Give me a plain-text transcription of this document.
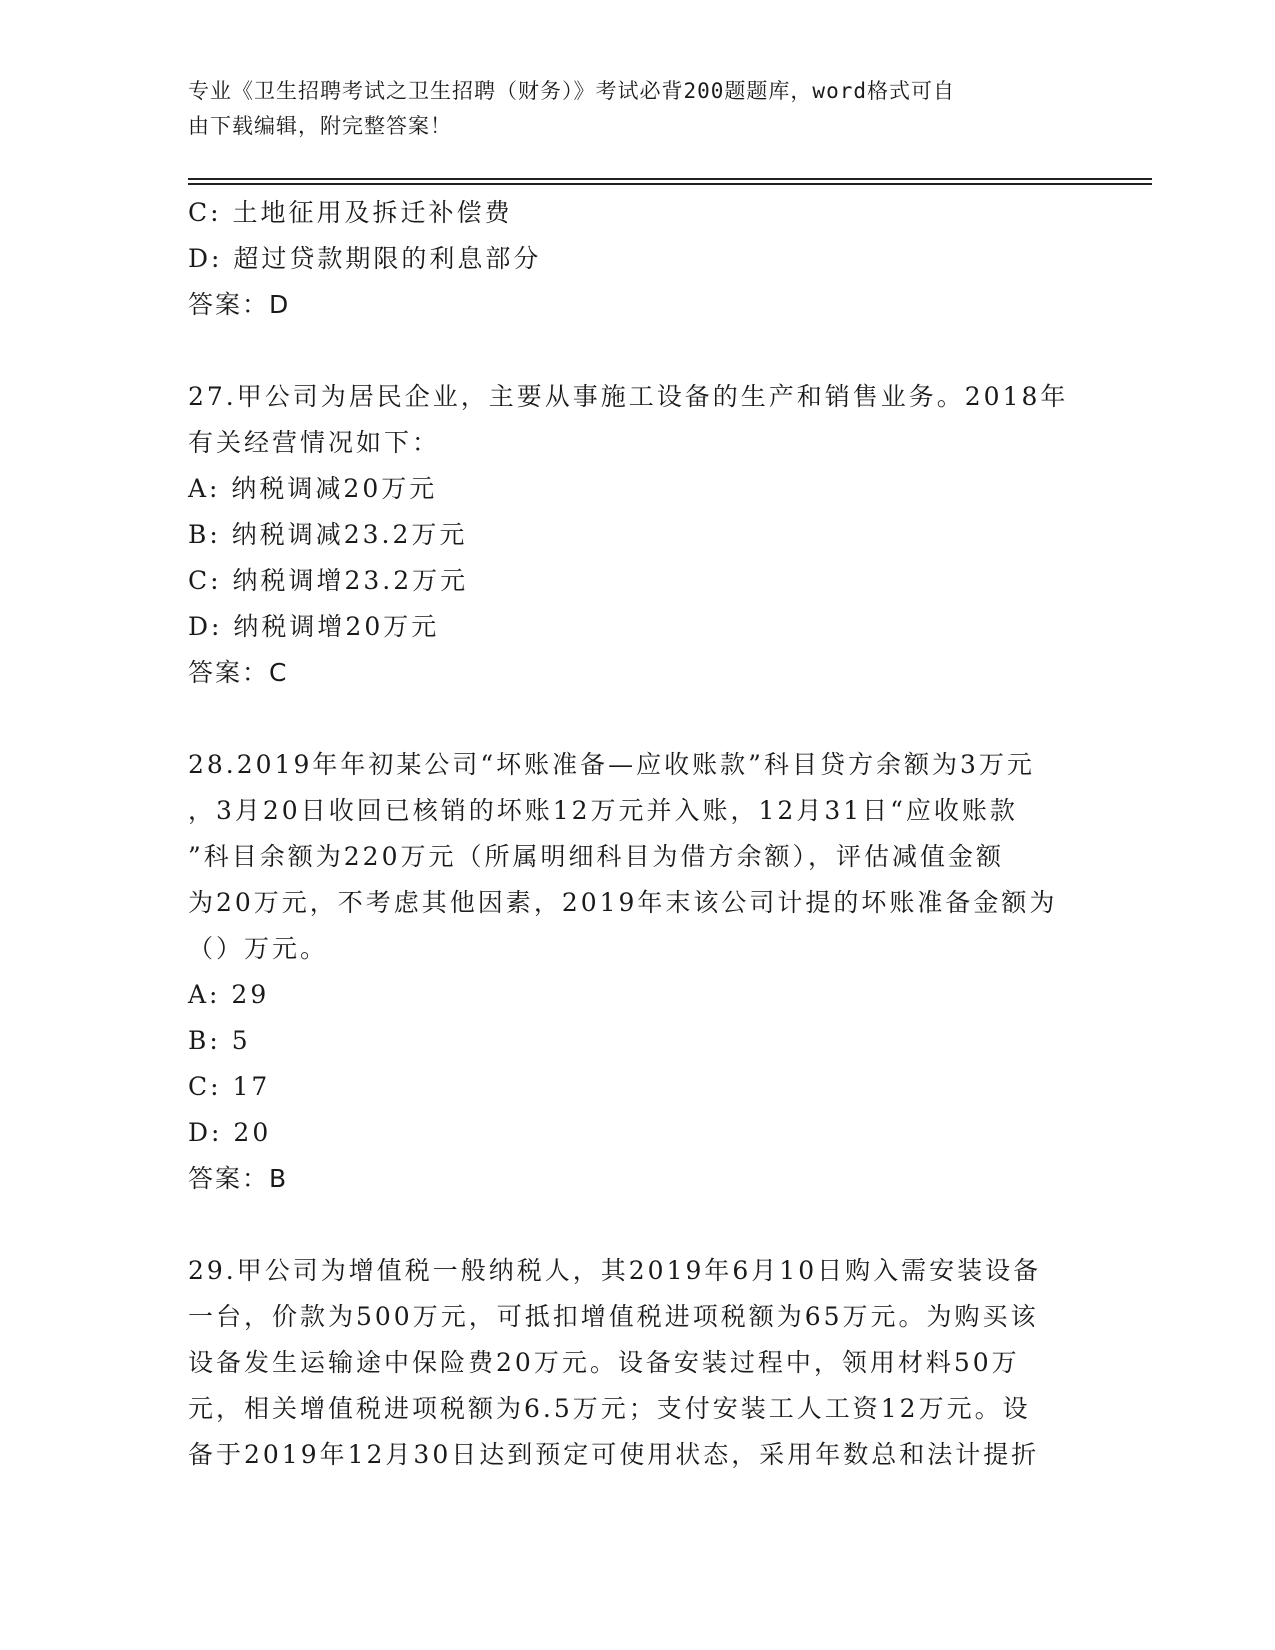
专业《卫生招聘考试之卫生招聘（财务）》考试必背200题题库，word格式可自
由下载编辑，附完整答案！
C: 土地征用及拆迁补偿费
D: 超过贷款期限的利息部分
答案：D
27.甲公司为居民企业，主要从事施工设备的生产和销售业务。2018年
有关经营情况如下：
A: 纳税调减20万元
B: 纳税调减23.2万元
C: 纳税调增23.2万元
D: 纳税调增20万元
答案：C
28.2019年年初某公司“坏账准备—应收账款”科目贷方余额为3万元
，3月20日收回已核销的坏账12万元并入账，12月31日“应收账款
”科目余额为220万元（所属明细科目为借方余额），评估减值金额
为20万元，不考虑其他因素，2019年末该公司计提的坏账准备金额为
（）万元。
A: 29
B: 5
C: 17
D: 20
答案：B
29.甲公司为增值税一般纳税人，其2019年6月10日购入需安装设备
一台，价款为500万元，可抵扣增值税进项税额为65万元。为购买该
设备发生运输途中保险费20万元。设备安装过程中，领用材料50万
元，相关增值税进项税额为6.5万元；支付安装工人工资12万元。设
备于2019年12月30日达到预定可使用状态，采用年数总和法计提折
